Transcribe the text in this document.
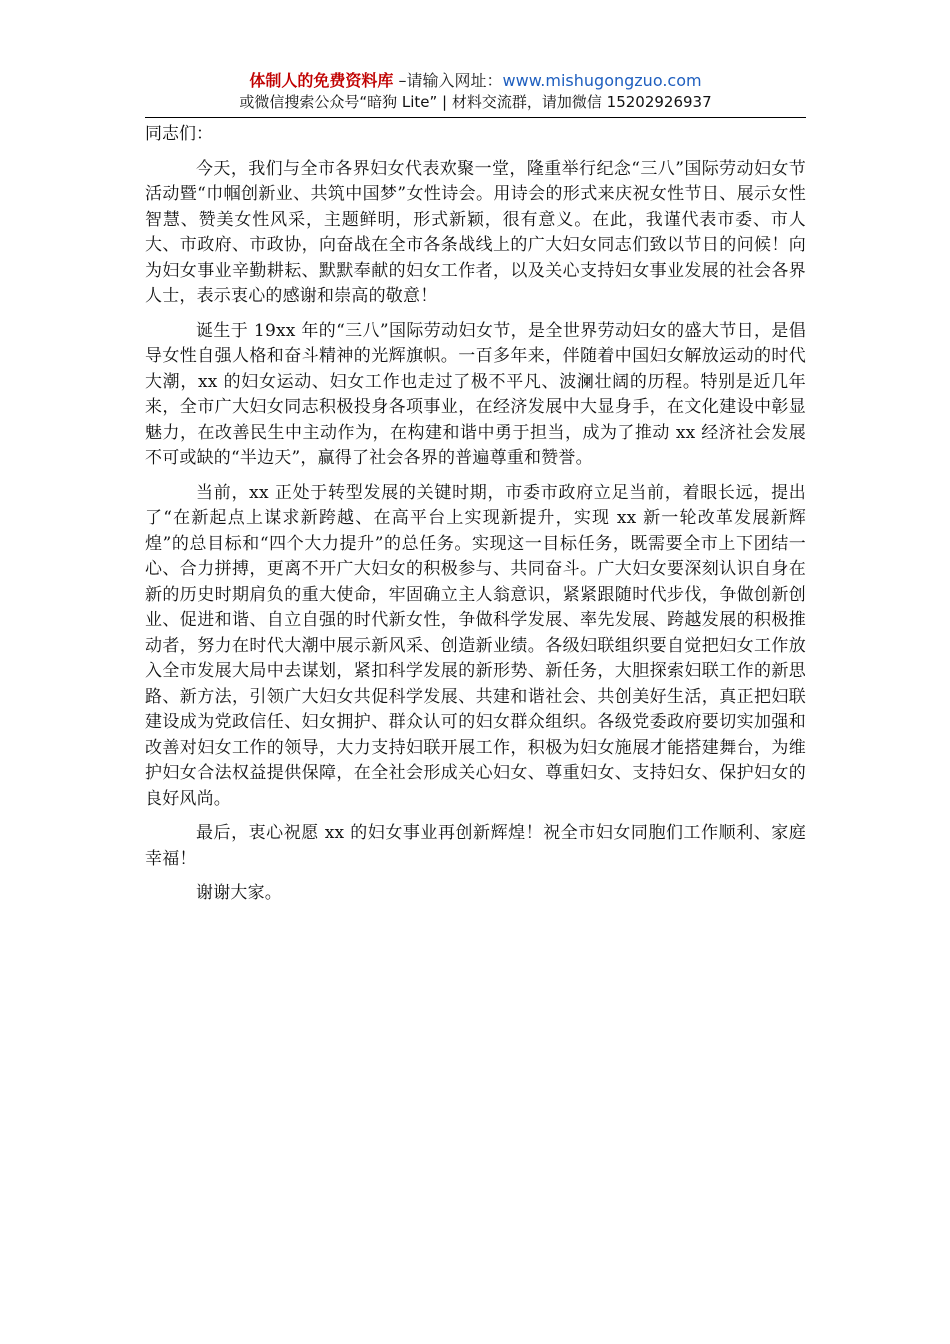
体制人的免费资料库 –请输入网址：www.mishugongzuo.com
或微信搜索公众号“暗狗 Lite” | 材料交流群，请加微信 15202926937
同志们：

今天，我们与全市各界妇女代表欢聚一堂，隆重举行纪念“三八”国际劳动妇女节活动暨“巾帼创新业、共筑中国梦”女性诗会。用诗会的形式来庆祝女性节日、展示女性智慧、赞美女性风采，主题鲜明，形式新颖，很有意义。在此，我谨代表市委、市人大、市政府、市政协，向奋战在全市各条战线上的广大妇女同志们致以节日的问候！向为妇女事业辛勤耕耘、默默奉献的妇女工作者，以及关心支持妇女事业发展的社会各界人士，表示衷心的感谢和崇高的敬意！

诞生于 19xx 年的“三八”国际劳动妇女节，是全世界劳动妇女的盛大节日，是倡导女性自强人格和奋斗精神的光辉旗帜。一百多年来，伴随着中国妇女解放运动的时代大潮，xx 的妇女运动、妇女工作也走过了极不平凡、波澜壮阔的历程。特别是近几年来，全市广大妇女同志积极投身各项事业，在经济发展中大显身手，在文化建设中彰显魅力，在改善民生中主动作为，在构建和谐中勇于担当，成为了推动 xx 经济社会发展不可或缺的“半边天”，赢得了社会各界的普遍尊重和赞誉。

当前，xx 正处于转型发展的关键时期，市委市政府立足当前，着眼长远，提出了“在新起点上谋求新跨越、在高平台上实现新提升，实现 xx 新一轮改革发展新辉煌”的总目标和“四个大力提升”的总任务。实现这一目标任务，既需要全市上下团结一心、合力拼搏，更离不开广大妇女的积极参与、共同奋斗。广大妇女要深刻认识自身在新的历史时期肩负的重大使命，牢固确立主人翁意识，紧紧跟随时代步伐，争做创新创业、促进和谐、自立自强的时代新女性，争做科学发展、率先发展、跨越发展的积极推动者，努力在时代大潮中展示新风采、创造新业绩。各级妇联组织要自觉把妇女工作放入全市发展大局中去谋划，紧扣科学发展的新形势、新任务，大胆探索妇联工作的新思路、新方法，引领广大妇女共促科学发展、共建和谐社会、共创美好生活，真正把妇联建设成为党政信任、妇女拥护、群众认可的妇女群众组织。各级党委政府要切实加强和改善对妇女工作的领导，大力支持妇联开展工作，积极为妇女施展才能搭建舞台，为维护妇女合法权益提供保障，在全社会形成关心妇女、尊重妇女、支持妇女、保护妇女的良好风尚。

最后，衷心祝愿 xx 的妇女事业再创新辉煌！祝全市妇女同胞们工作顺利、家庭幸福！

谢谢大家。
